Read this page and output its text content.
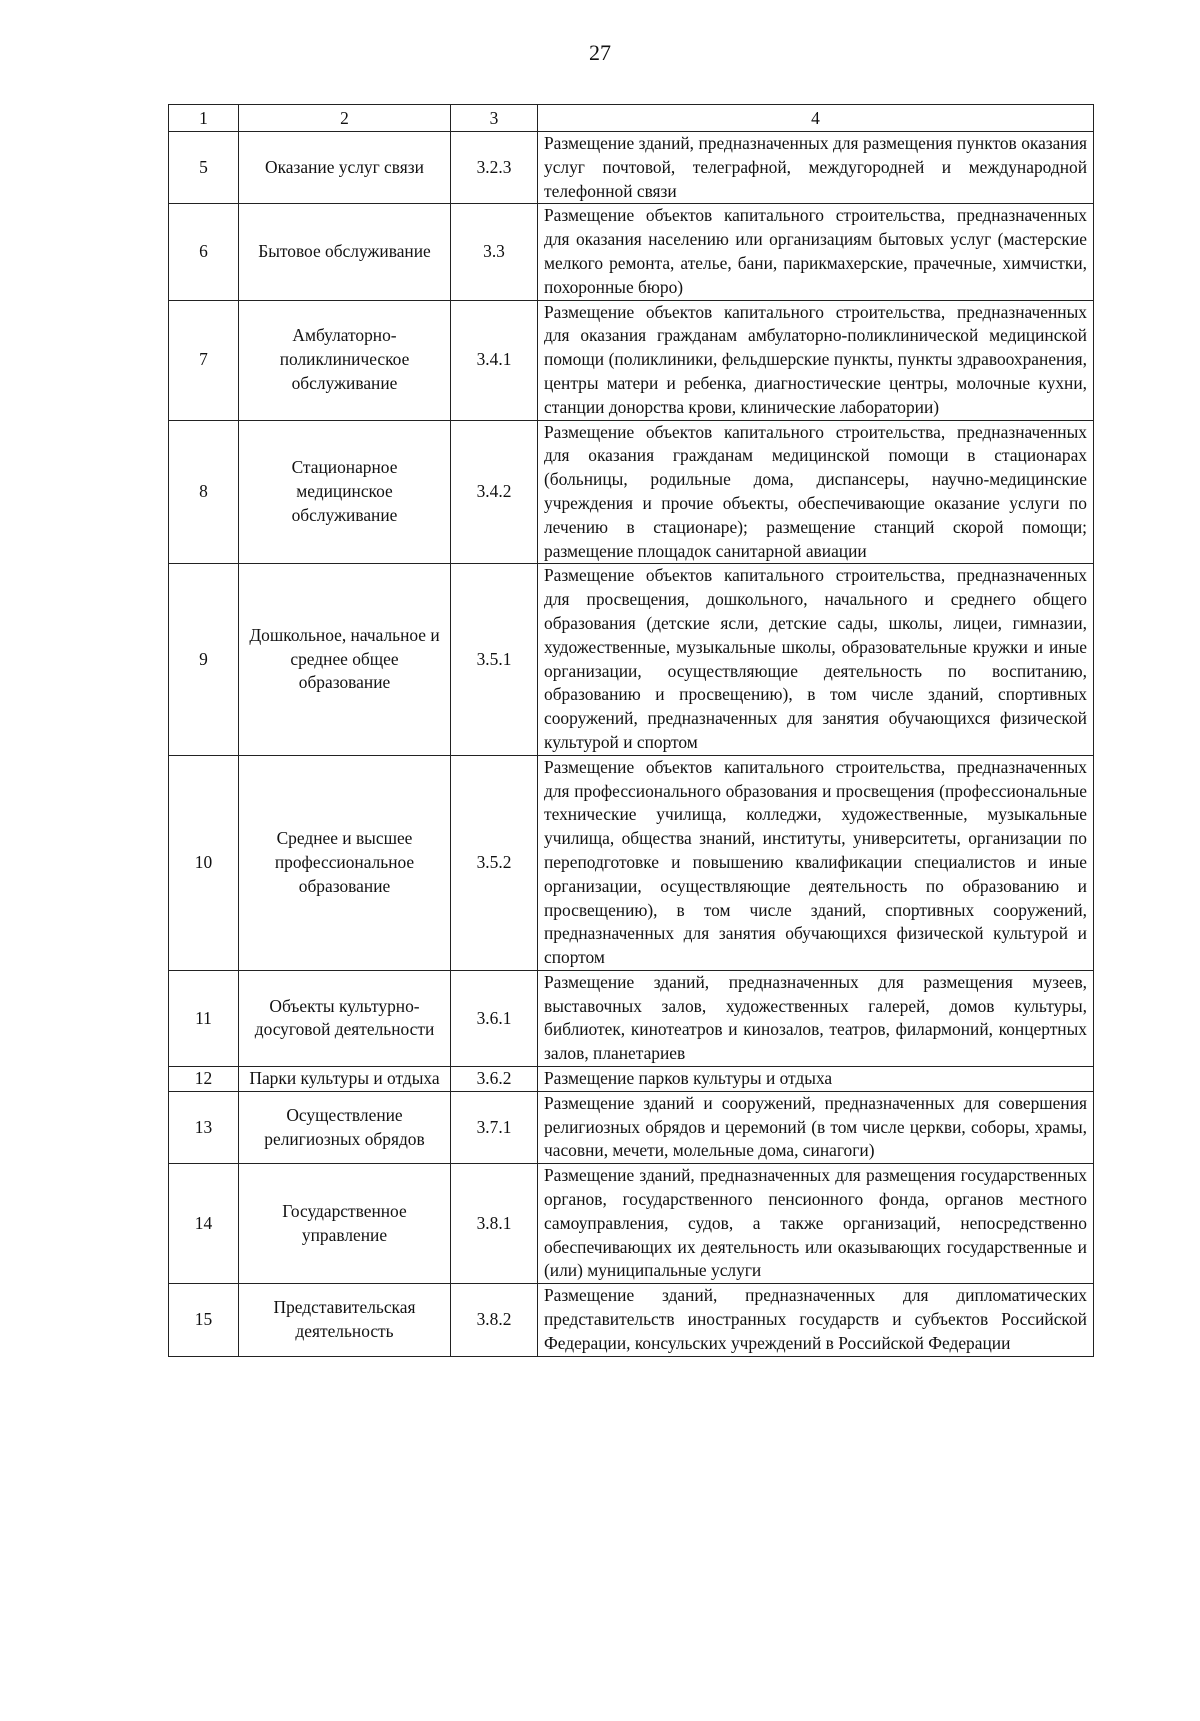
27
1	2	3	4
5	Оказание услуг связи	3.2.3	Размещение зданий, предназначенных для размещения пунктов оказания услуг почтовой, телеграфной, междугородней и международной телефонной связи
6	Бытовое обслуживание	3.3	Размещение объектов капитального строительства, предназначенных для оказания населению или организациям бытовых услуг (мастерские мелкого ремонта, ателье, бани, парикмахерские, прачечные, химчистки, похоронные бюро)
7	Амбулаторно-поликлиническое обслуживание	3.4.1	Размещение объектов капитального строительства, предназначенных для оказания гражданам амбулаторно-поликлинической медицинской помощи (поликлиники, фельдшерские пункты, пункты здравоохранения, центры матери и ребенка, диагностические центры, молочные кухни, станции донорства крови, клинические лаборатории)
8	Стационарное медицинское обслуживание	3.4.2	Размещение объектов капитального строительства, предназначенных для оказания гражданам медицинской помощи в стационарах (больницы, родильные дома, диспансеры, научно-медицинские учреждения и прочие объекты, обеспечивающие оказание услуги по лечению в стационаре); размещение станций скорой помощи; размещение площадок санитарной авиации
9	Дошкольное, начальное и среднее общее образование	3.5.1	Размещение объектов капитального строительства, предназначенных для просвещения, дошкольного, начального и среднего общего образования (детские ясли, детские сады, школы, лицеи, гимназии, художественные, музыкальные школы, образовательные кружки и иные организации, осуществляющие деятельность по воспитанию, образованию и просвещению), в том числе зданий, спортивных сооружений, предназначенных для занятия обучающихся физической культурой и спортом
10	Среднее и высшее профессиональное образование	3.5.2	Размещение объектов капитального строительства, предназначенных для профессионального образования и просвещения (профессиональные технические училища, колледжи, художественные, музыкальные училища, общества знаний, институты, университеты, организации по переподготовке и повышению квалификации специалистов и иные организации, осуществляющие деятельность по образованию и просвещению), в том числе зданий, спортивных сооружений, предназначенных для занятия обучающихся физической культурой и спортом
11	Объекты культурно-досуговой деятельности	3.6.1	Размещение зданий, предназначенных для размещения музеев, выставочных залов, художественных галерей, домов культуры, библиотек, кинотеатров и кинозалов, театров, филармоний, концертных залов, планетариев
12	Парки культуры и отдыха	3.6.2	Размещение парков культуры и отдыха
13	Осуществление религиозных обрядов	3.7.1	Размещение зданий и сооружений, предназначенных для совершения религиозных обрядов и церемоний (в том числе церкви, соборы, храмы, часовни, мечети, молельные дома, синагоги)
14	Государственное управление	3.8.1	Размещение зданий, предназначенных для размещения государственных органов, государственного пенсионного фонда, органов местного самоуправления, судов, а также организаций, непосредственно обеспечивающих их деятельность или оказывающих государственные и (или) муниципальные услуги
15	Представительская деятельность	3.8.2	Размещение зданий, предназначенных для дипломатических представительств иностранных государств и субъектов Российской Федерации, консульских учреждений в Российской Федерации
